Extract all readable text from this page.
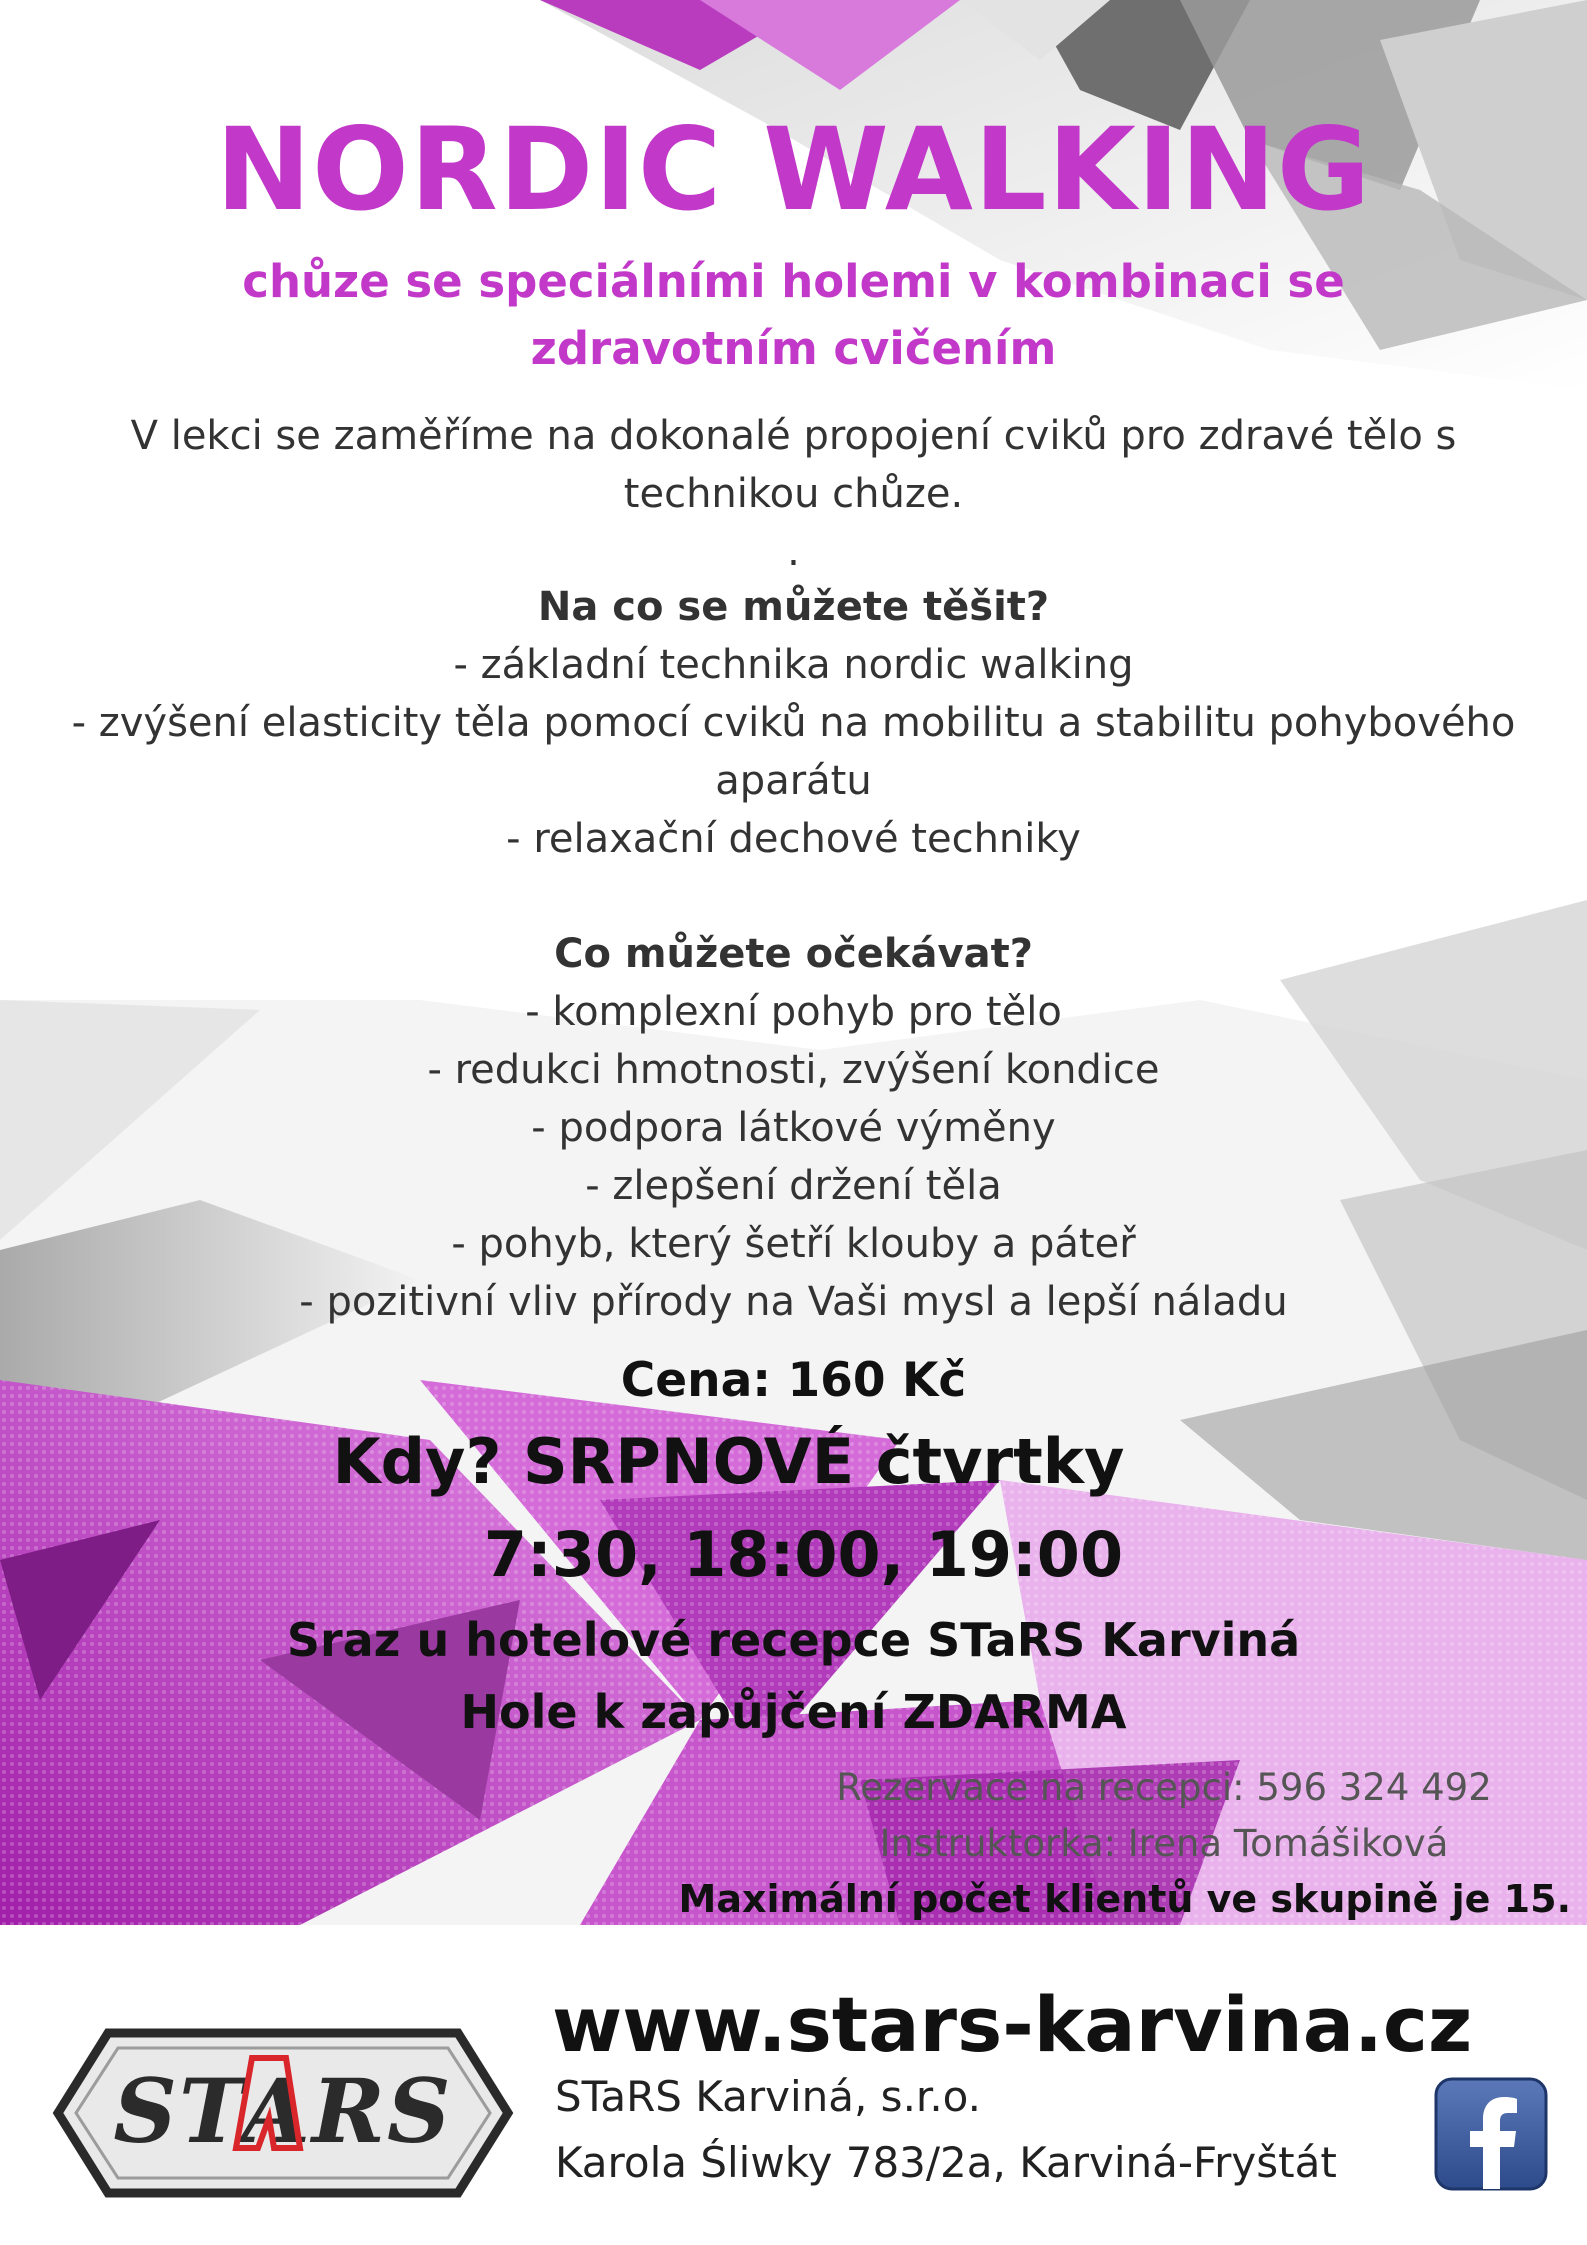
NORDIC WALKING
chůze se speciálními holemi v kombinaci se
zdravotním cvičením
V lekci se zaměříme na dokonalé propojení cviků pro zdravé tělo s
technikou chůze.
.
Na co se můžete těšit?
- základní technika nordic walking
- zvýšení elasticity těla pomocí cviků na mobilitu a stabilitu pohybového
aparátu
- relaxační dechové techniky
Co můžete očekávat?
- komplexní pohyb pro tělo
- redukci hmotnosti, zvýšení kondice
- podpora látkové výměny
- zlepšení držení těla
- pohyb, který šetří klouby a páteř
- pozitivní vliv přírody na Vaši mysl a lepší náladu
Cena: 160 Kč
Kdy? SRPNOVÉ čtvrtky
7:30, 18:00, 19:00
Sraz u hotelové recepce STaRS Karviná
Hole k zapůjčení ZDARMA
Rezervace na recepci: 596 324 492
Instruktorka: Irena Tomášiková
Maximální počet klientů ve skupině je 15.
STARS
www.stars-karvina.cz
STaRS Karviná, s.r.o.
Karola Śliwky 783/2a, Karviná-Fryštát
